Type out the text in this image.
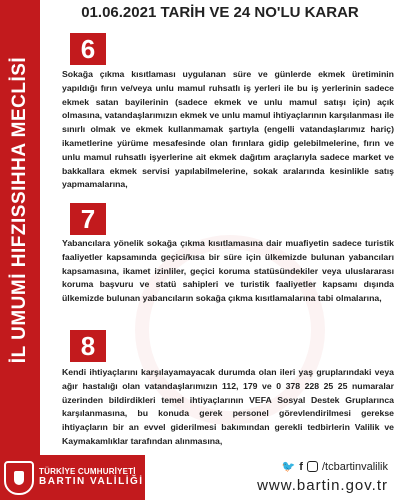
İL UMUMİ HIFZISSIHHA MECLİSİ
01.06.2021 TARİH VE 24 NO'LU KARAR
6
Sokağa çıkma kısıtlaması uygulanan süre ve günlerde ekmek üretiminin yapıldığı fırın ve/veya unlu mamul ruhsatlı iş yerleri ile bu iş yerlerinin sadece ekmek satan bayilerinin (sadece ekmek ve unlu mamul satışı için) açık olmasına, vatandaşlarımızın ekmek ve unlu mamul ihtiyaçlarının karşılanması ile sınırlı olmak ve ekmek kullanmamak şartıyla (engelli vatandaşlarımız hariç) ikametlerine yürüme mesafesinde olan fırınlara gidip gelebilmelerine, fırın ve unlu mamul ruhsatlı işyerlerine ait ekmek dağıtım araçlarıyla sadece market ve bakkallara ekmek servisi yapılabilmelerine, sokak aralarında kesinlikle satış yapmamalarına,
7
Yabancılara yönelik sokağa çıkma kısıtlamasına dair muafiyetin sadece turistik faaliyetler kapsamında geçici/kısa bir süre için ülkemizde bulunan yabancıları kapsamasına, ikamet izinliler, geçici koruma statüsündekiler veya uluslararası koruma başvuru ve statü sahipleri ve turistik faaliyetler kapsamı dışında ülkemizde bulunan yabancıların sokağa çıkma kısıtlamalarına tabi olmalarına,
8
Kendi ihtiyaçlarını karşılayamayacak durumda olan ileri yaş gruplarındaki veya ağır hastalığı olan vatandaşlarımızın 112, 179 ve 0 378 228 25 25 numaralar üzerinden bildirdikleri temel ihtiyaçlarının VEFA Sosyal Destek Gruplarınca karşılanmasına, bu konuda gerek personel görevlendirilmesi gerekse ihtiyaçların bir an evvel giderilmesi bakımından gerekli tedbirlerin Valilik ve Kaymakamlıklar tarafından alınmasına,
TÜRKİYE CUMHURİYETİ
BARTIN VALİLİĞİ
🐦 f /tcbartinvalilik
www.bartin.gov.tr
